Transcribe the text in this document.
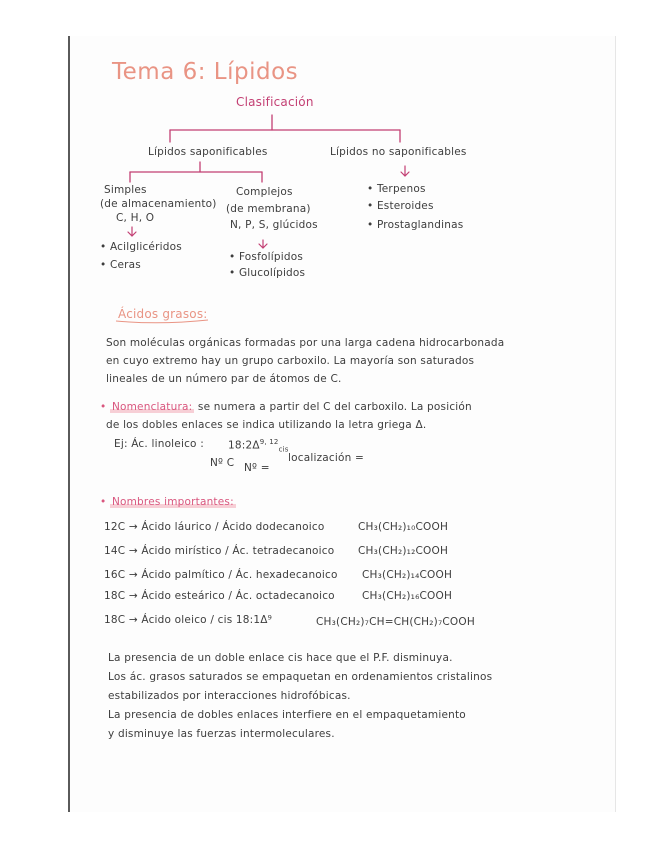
Tema 6: Lípidos
Clasificación
Lípidos saponificables	Lípidos no saponificables
Simples
(de almacenamiento)
C, H, O
• Acilglicéridos
• Ceras
Complejos
(de membrana)
N, P, S, glúcidos
• Fosfolípidos
• Glucolípidos
• Terpenos
• Esteroides
• Prostaglandinas
Ácidos grasos:
Son moléculas orgánicas formadas por una larga cadena hidrocarbonada
en cuyo extremo hay un grupo carboxilo. La mayoría son saturados
lineales de un número par de átomos de C.
• Nomenclatura: se numera a partir del C del carboxilo. La posición
de los dobles enlaces se indica utilizando la letra griega Δ.
Ej: Ác. linoleico : $18:2\Delta^{9, 12}_{cis}$
Nº C Nº =
localización =
• Nombres importantes:
12C → Ácido láurico / Ácido dodecanoico	CH₃(CH₂)₁₀COOH
14C → Ácido mirístico / Ác. tetradecanoico CH₃(CH₂)₁₂COOH
16C → Ácido palmítico / Ác. hexadecanoico CH₃(CH₂)₁₄COOH
18C → Ácido esteárico / Ác. octadecanoico	CH₃(CH₂)₁₆COOH
18C → Ácido oleico / cis 18:1Δ⁹	CH₃(CH₂)₇CH=CH(CH₂)₇COOH
La presencia de un doble enlace cis hace que el P.F. disminuya.
Los ác. grasos saturados se empaquetan en ordenamientos cristalinos
estabilizados por interacciones hidrofóbicas.
La presencia de dobles enlaces interfiere en el empaquetamiento
y disminuye las fuerzas intermoleculares.
